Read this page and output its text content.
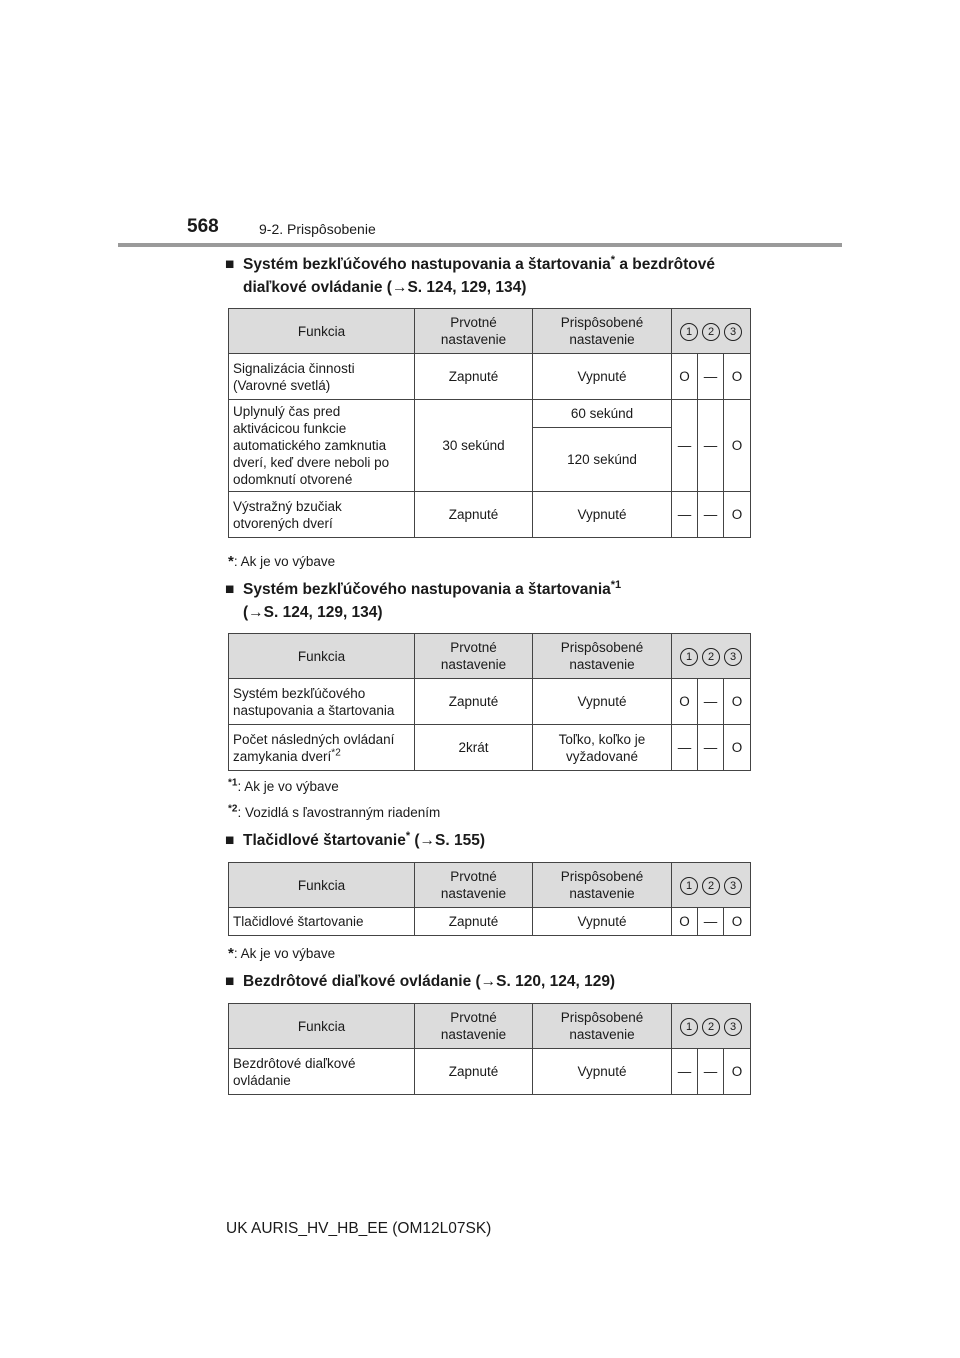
568	9-2. Prispôsobenie
■ Systém bezkľúčového nastupovania a štartovania* a bezdrôtové
diaľkové ovládanie (→S. 124, 129, 134)
Funkcia	Prvotné nastavenie	Prispôsobené nastavenie	1 2 3		
Signalizácia činnosti (Varovné svetlá)	Zapnuté	Vypnuté	O	—	O
Uplynulý čas pred aktivácicou funkcie automatického zamknutia dverí, keď dvere neboli po odomknutí otvorené	30 sekúnd	60 sekúnd	—	—	O
		120 sekúnd			
Výstražný bzučiak otvorených dverí	Zapnuté	Vypnuté	—	—	O
*: Ak je vo výbave
■ Systém bezkľúčového nastupovania a štartovania$^{*1}$
(→S. 124, 129, 134)
Funkcia	Prvotné nastavenie	Prispôsobené nastavenie	1 2 3		
Systém bezkľúčového nastupovania a štartovania	Zapnuté	Vypnuté	O	—	O
Počet následných ovládaní zamykania dverí$^{*2}$	2krát	Toľko, koľko je vyžadované	—	—	O
$^{*1}$: Ak je vo výbave
$^{*2}$: Vozidlá s ľavostranným riadením
■ Tlačidlové štartovanie* (→S. 155)
Funkcia	Prvotné nastavenie	Prispôsobené nastavenie	1 2 3		
Tlačidlové štartovanie	Zapnuté	Vypnuté	O	—	O
*: Ak je vo výbave
■ Bezdrôtové diaľkové ovládanie (→S. 120, 124, 129)
Funkcia	Prvotné nastavenie	Prispôsobené nastavenie	1 2 3		
Bezdrôtové diaľkové ovládanie	Zapnuté	Vypnuté	—	—	O
UK AURIS_HV_HB_EE (OM12L07SK)
